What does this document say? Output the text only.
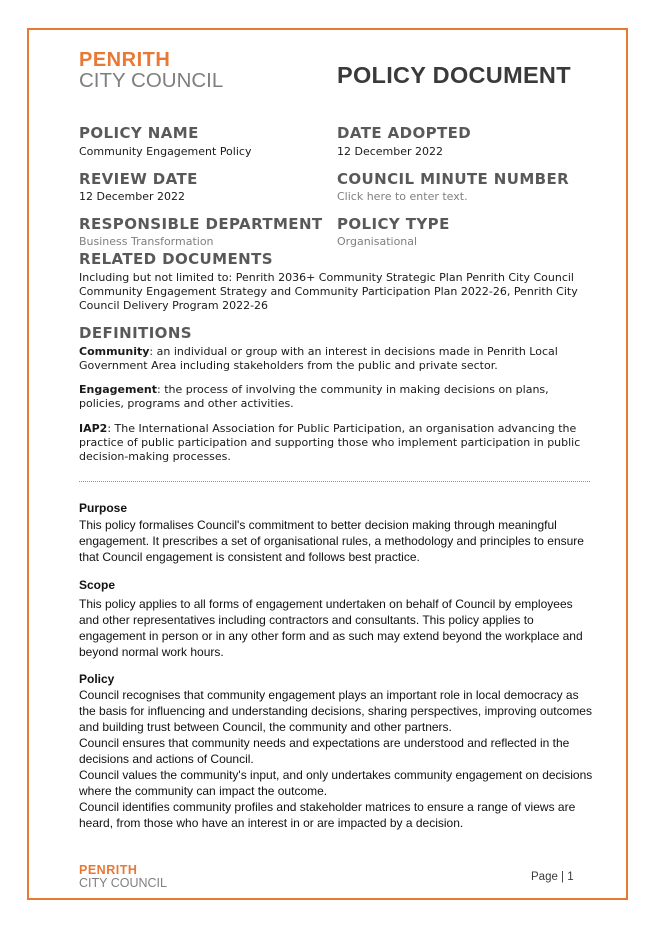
PENRITH
CITY COUNCIL	POLICY DOCUMENT
POLICY NAME
Community Engagement Policy
DATE ADOPTED
12 December 2022
REVIEW DATE
12 December 2022
COUNCIL MINUTE NUMBER
Click here to enter text.
RESPONSIBLE DEPARTMENT
Business Transformation
POLICY TYPE
Organisational
RELATED DOCUMENTS

Including but not limited to: Penrith 2036+ Community Strategic Plan Penrith City Council Community Engagement Strategy and Community Participation Plan 2022-26, Penrith City Council Delivery Program 2022-26

DEFINITIONS

Community: an individual or group with an interest in decisions made in Penrith Local Government Area including stakeholders from the public and private sector.

Engagement: the process of involving the community in making decisions on plans, policies, programs and other activities.

IAP2: The International Association for Public Participation, an organisation advancing the practice of public participation and supporting those who implement participation in public decision-making processes.

Purpose

This policy formalises Council's commitment to better decision making through meaningful engagement. It prescribes a set of organisational rules, a methodology and principles to ensure that Council engagement is consistent and follows best practice.

Scope

This policy applies to all forms of engagement undertaken on behalf of Council by employees and other representatives including contractors and consultants. This policy applies to engagement in person or in any other form and as such may extend beyond the workplace and beyond normal work hours.

Policy

Council recognises that community engagement plays an important role in local democracy as the basis for influencing and understanding decisions, sharing perspectives, improving outcomes and building trust between Council, the community and other partners.

Council ensures that community needs and expectations are understood and reflected in the decisions and actions of Council.

Council values the community's input, and only undertakes community engagement on decisions where the community can impact the outcome.

Council identifies community profiles and stakeholder matrices to ensure a range of views are heard, from those who have an interest in or are impacted by a decision.

PENRITH
CITY COUNCIL	Page | 1
